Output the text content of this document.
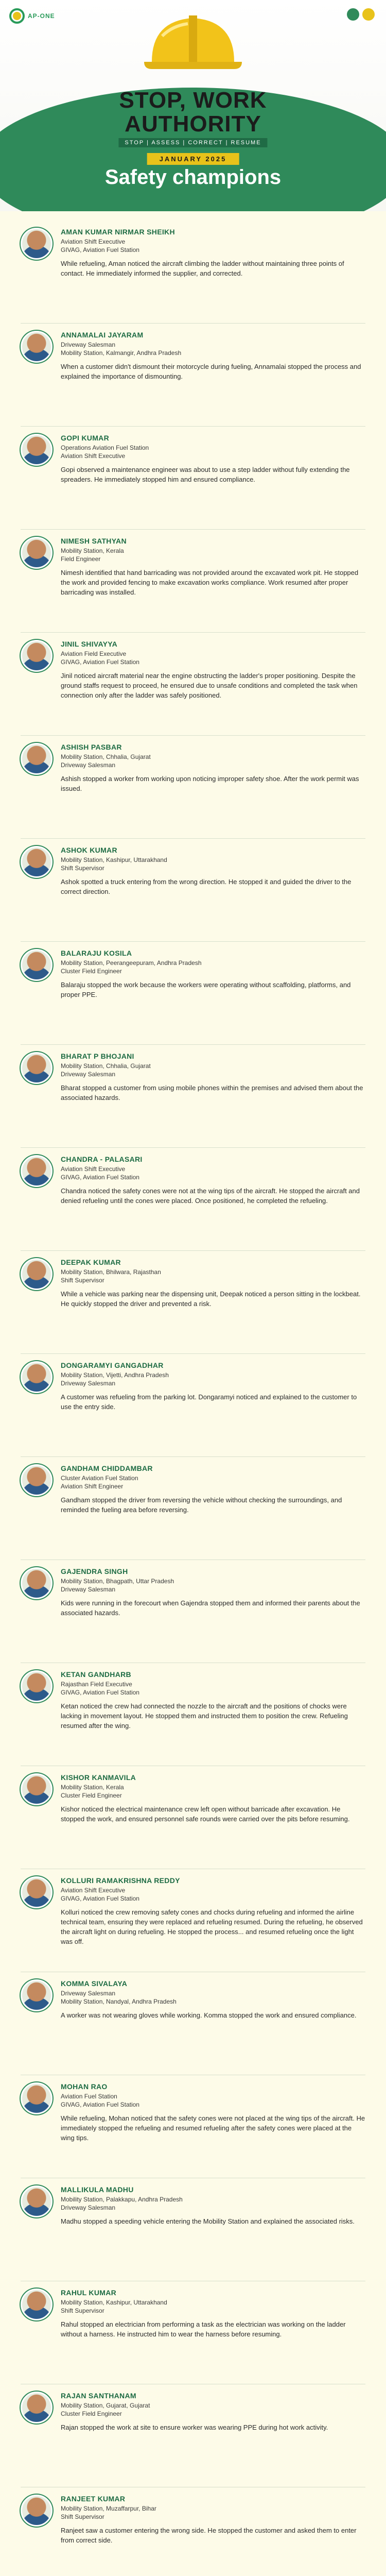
AP-ONE
STOP, WORK
AUTHORITY
STOP | ASSESS | CORRECT | RESUME
JANUARY 2025
Safety champions
AMAN KUMAR NIRMAR SHEIKH
Aviation Shift Executive
GIVAG, Aviation Fuel Station

While refueling, Aman noticed the aircraft climbing the ladder without maintaining three points of contact. He immediately informed the supplier, and corrected.

ANNAMALAI JAYARAM
Driveway Salesman
Mobility Station, Kalmangir, Andhra Pradesh

When a customer didn't dismount their motorcycle during fueling, Annamalai stopped the process and explained the importance of dismounting.

GOPI KUMAR
Operations Aviation Fuel Station
Aviation Shift Executive

Gopi observed a maintenance engineer was about to use a step ladder without fully extending the spreaders. He immediately stopped him and ensured compliance.

NIMESH SATHYAN
Mobility Station, Kerala
Field Engineer

Nimesh identified that hand barricading was not provided around the excavated work pit. He stopped the work and provided fencing to make excavation works compliance. Work resumed after proper barricading was installed.

JINIL SHIVAYYA
Aviation Field Executive
GIVAG, Aviation Fuel Station

Jinil noticed aircraft material near the engine obstructing the ladder's proper positioning. Despite the ground staffs request to proceed, he ensured due to unsafe conditions and completed the task when connection only after the ladder was safely positioned.

ASHISH PASBAR
Mobility Station, Chhalia, Gujarat
Driveway Salesman

Ashish stopped a worker from working upon noticing improper safety shoe. After the work permit was issued.

ASHOK KUMAR
Mobility Station, Kashipur, Uttarakhand
Shift Supervisor

Ashok spotted a truck entering from the wrong direction. He stopped it and guided the driver to the correct direction.

BALARAJU KOSILA
Mobility Station, Peerangeepuram, Andhra Pradesh
Cluster Field Engineer

Balaraju stopped the work because the workers were operating without scaffolding, platforms, and proper PPE.

BHARAT P BHOJANI
Mobility Station, Chhalia, Gujarat
Driveway Salesman

Bharat stopped a customer from using mobile phones within the premises and advised them about the associated hazards.

CHANDRA - PALASARI
Aviation Shift Executive
GIVAG, Aviation Fuel Station

Chandra noticed the safety cones were not at the wing tips of the aircraft. He stopped the aircraft and denied refueling until the cones were placed. Once positioned, he completed the refueling.

DEEPAK KUMAR
Mobility Station, Bhilwara, Rajasthan
Shift Supervisor

While a vehicle was parking near the dispensing unit, Deepak noticed a person sitting in the lockbeat. He quickly stopped the driver and prevented a risk.

DONGARAMYI GANGADHAR
Mobility Station, Vijetti, Andhra Pradesh
Driveway Salesman

A customer was refueling from the parking lot. Dongaramyi noticed and explained to the customer to use the entry side.

GANDHAM CHIDDAMBAR
Cluster Aviation Fuel Station
Aviation Shift Engineer

Gandham stopped the driver from reversing the vehicle without checking the surroundings, and reminded the fueling area before reversing.

GAJENDRA SINGH
Mobility Station, Bhagpath, Uttar Pradesh
Driveway Salesman

Kids were running in the forecourt when Gajendra stopped them and informed their parents about the associated hazards.

KETAN GANDHARB
Rajasthan Field Executive
GIVAG, Aviation Fuel Station

Ketan noticed the crew had connected the nozzle to the aircraft and the positions of chocks were lacking in movement layout. He stopped them and instructed them to position the crew. Refueling resumed after the wing.

KISHOR KANMAVILA
Mobility Station, Kerala
Cluster Field Engineer

Kishor noticed the electrical maintenance crew left open without barricade after excavation. He stopped the work, and ensured personnel safe rounds were carried over the pits before resuming.

KOLLURI RAMAKRISHNA REDDY
Aviation Shift Executive
GIVAG, Aviation Fuel Station

Kolluri noticed the crew removing safety cones and chocks during refueling and informed the airline technical team, ensuring they were replaced and refueling resumed. During the refueling, he observed the aircraft light on during refueling. He stopped the process... and resumed refueling once the light was off.

KOMMA SIVALAYA
Driveway Salesman
Mobility Station, Nandyal, Andhra Pradesh

A worker was not wearing gloves while working. Komma stopped the work and ensured compliance.

MOHAN RAO
Aviation Fuel Station
GIVAG, Aviation Fuel Station

While refueling, Mohan noticed that the safety cones were not placed at the wing tips of the aircraft. He immediately stopped the refueling and resumed refueling after the safety cones were placed at the wing tips.

MALLIKULA MADHU
Mobility Station, Palakkapu, Andhra Pradesh
Driveway Salesman

Madhu stopped a speeding vehicle entering the Mobility Station and explained the associated risks.

RAHUL KUMAR
Mobility Station, Kashipur, Uttarakhand
Shift Supervisor

Rahul stopped an electrician from performing a task as the electrician was working on the ladder without a harness. He instructed him to wear the harness before resuming.

RAJAN SANTHANAM
Mobility Station, Gujarat, Gujarat
Cluster Field Engineer

Rajan stopped the work at site to ensure worker was wearing PPE during hot work activity.

RANJEET KUMAR
Mobility Station, Muzaffarpur, Bihar
Shift Supervisor

Ranjeet saw a customer entering the wrong side. He stopped the customer and asked them to enter from correct side.
